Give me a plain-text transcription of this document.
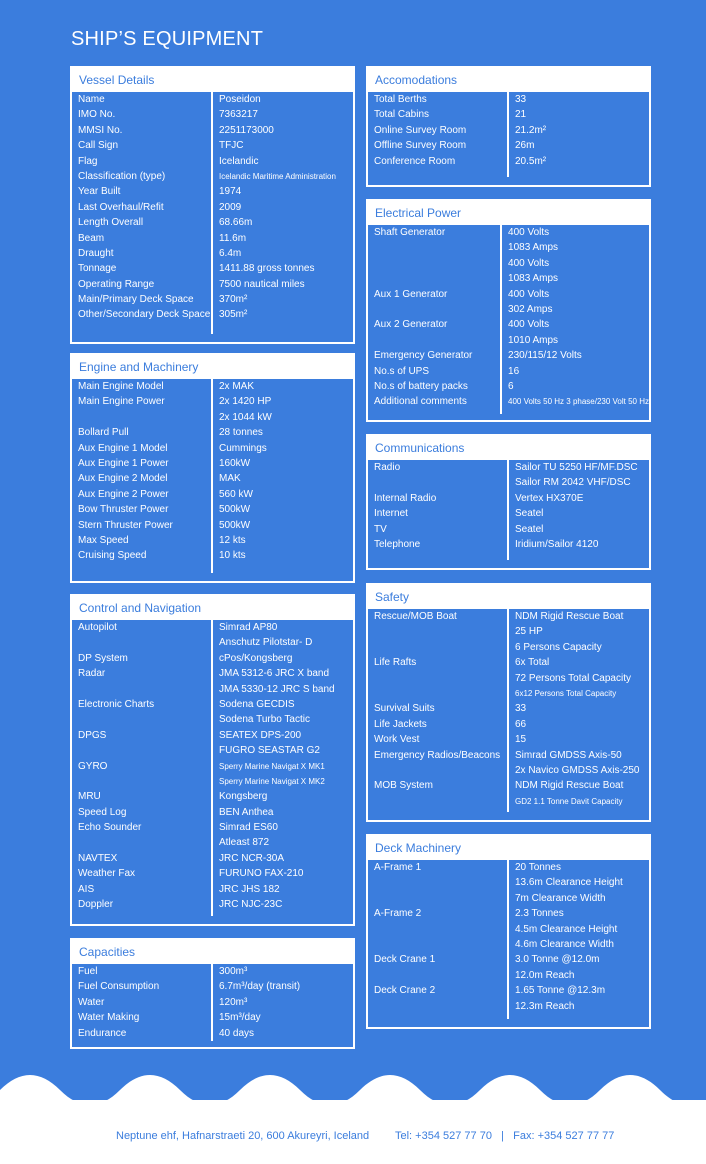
SHIP’S EQUIPMENT
Vessel Details
Name
IMO No.
MMSI No.
Call Sign
Flag
Classification (type)
Year Built
Last Overhaul/Refit
Length Overall
Beam
Draught
Tonnage
Operating Range
Main/Primary Deck Space
Other/Secondary Deck Space
Poseidon
7363217
2251173000
TFJC
Icelandic
Icelandic Maritime Administration
1974
2009
68.66m
11.6m
6.4m
1411.88 gross tonnes
7500 nautical miles
370m²
305m²
Engine and Machinery
Main Engine Model
Main Engine Power
Bollard Pull
Aux Engine 1 Model
Aux Engine 1 Power
Aux Engine 2 Model
Aux Engine 2 Power
Bow Thruster Power
Stern Thruster Power
Max Speed
Cruising Speed
2x MAK
2x 1420 HP
2x 1044 kW
28 tonnes
Cummings
160kW
MAK
560 kW
500kW
500kW
12 kts
10 kts
Control and Navigation
Autopilot
DP System
Radar
Electronic Charts
DPGS
GYRO
MRU
Speed Log
Echo Sounder
NAVTEX
Weather Fax
AIS
Doppler
Simrad AP80
Anschutz Pilotstar- D
cPos/Kongsberg
JMA 5312-6 JRC X band
JMA 5330-12 JRC S band
Sodena GECDIS
Sodena Turbo Tactic
SEATEX DPS-200
FUGRO SEASTAR G2
Sperry Marine Navigat X MK1
Sperry Marine Navigat X MK2
Kongsberg
BEN Anthea
Simrad ES60
Atleast 872
JRC NCR-30A
FURUNO FAX-210
JRC JHS 182
JRC NJC-23C
Capacities
Fuel
Fuel Consumption
Water
Water Making
Endurance
300m³
6.7m³/day (transit)
120m³
15m³/day
40 days
Accomodations
Total Berths
Total Cabins
Online Survey Room
Offline Survey Room
Conference Room
33
21
21.2m²
26m
20.5m²
Electrical Power
Shaft Generator
Aux 1 Generator
Aux 2 Generator
Emergency Generator
No.s of UPS
No.s of battery packs
Additional comments
400 Volts
1083 Amps
400 Volts
1083 Amps
400 Volts
302 Amps
400 Volts
1010 Amps
230/115/12 Volts
16
6
400 Volts 50 Hz 3 phase/230 Volt 50 Hz
Communications
Radio
Internal Radio
Internet
TV
Telephone
Sailor TU 5250 HF/MF.DSC
Sailor RM 2042 VHF/DSC
Vertex HX370E
Seatel
Seatel
Iridium/Sailor 4120
Safety
Rescue/MOB Boat
Life Rafts
Survival Suits
Life Jackets
Work Vest
Emergency Radios/Beacons
MOB System
NDM Rigid Rescue Boat
25 HP
6 Persons Capacity
6x Total
72 Persons Total Capacity
6x12 Persons Total Capacity
33
66
15
Simrad GMDSS Axis-50
2x Navico GMDSS Axis-250
NDM Rigid Rescue Boat
GD2 1.1 Tonne Davit Capacity
Deck Machinery
A-Frame 1
A-Frame 2
Deck Crane 1
Deck Crane 2
20 Tonnes
13.6m Clearance Height
7m Clearance Width
2.3 Tonnes
4.5m Clearance Height
4.6m Clearance Width
3.0 Tonne @12.0m
12.0m Reach
1.65 Tonne @12.3m
12.3m Reach
Neptune ehf, Hafnarstraeti 20, 600 Akureyri, Iceland Tel: +354 527 77 70   |   Fax: +354 527 77 77
